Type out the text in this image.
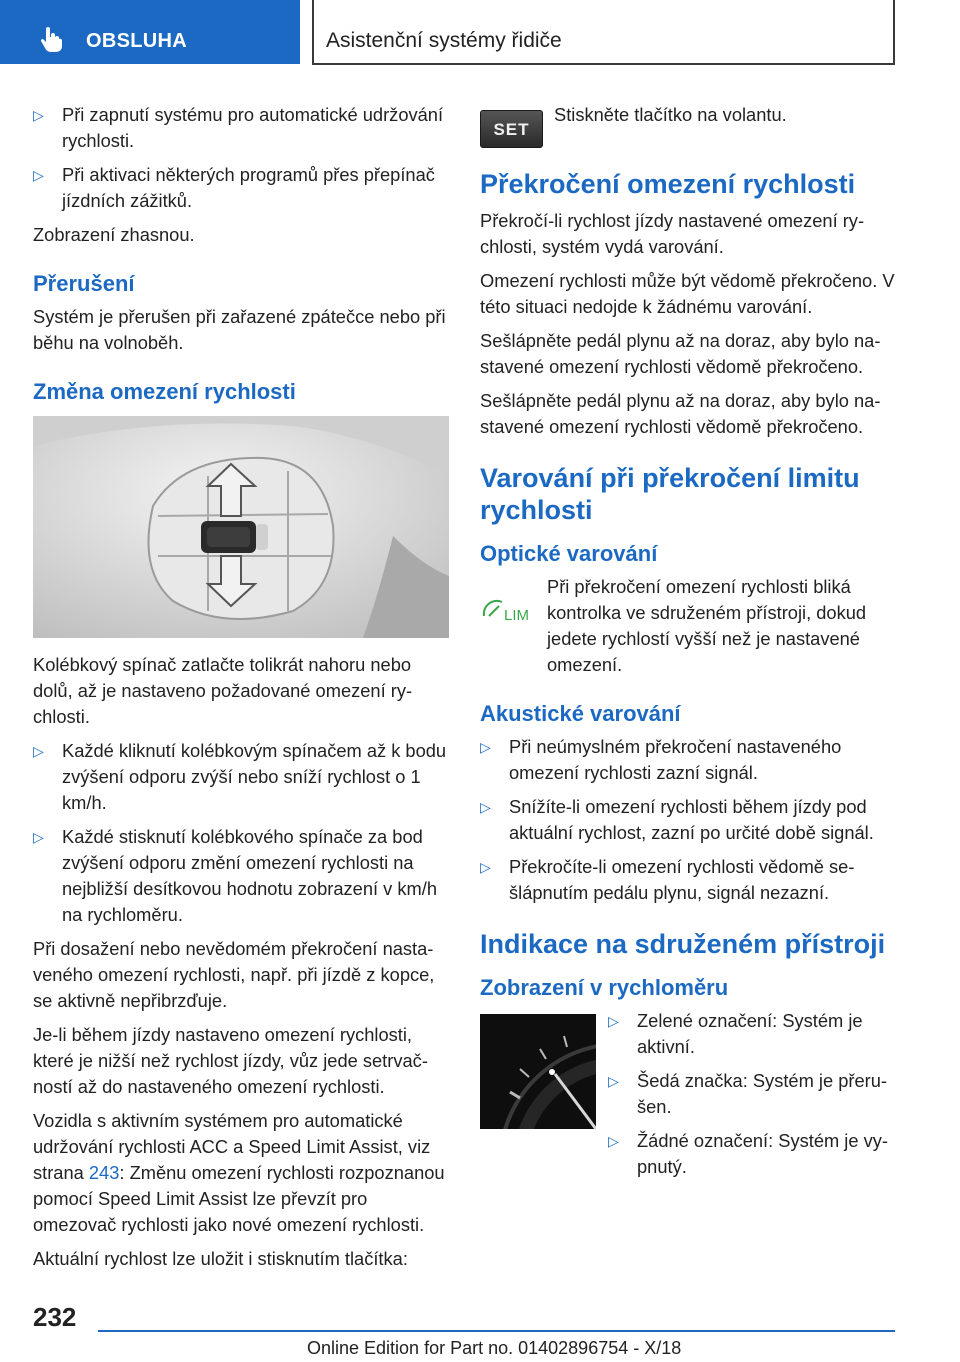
OBSLUHA	Asistenční systémy řidiče
▷ Při zapnutí systému pro automatické udržování rychlosti.
▷ Při aktivaci některých programů přes přepínač jízdních zážitků.

Zobrazení zhasnou.

Přerušení

Systém je přerušen při zařazené zpátečce nebo při běhu na volnoběh.

Změna omezení rychlosti

Kolébkový spínač zatlačte tolikrát nahoru nebo dolů, až je nastaveno požadované omezení rychlosti.

▷ Každé kliknutí kolébkovým spínačem až k bodu zvýšení odporu zvýší nebo sníží rychlost o 1 km/h.
▷ Každé stisknutí kolébkového spínače za bod zvýšení odporu změní omezení rychlosti na nejbližší desítkovou hodnotu zobrazení v km/h na rychloměru.

Při dosažení nebo nevědomém překročení nastaveného omezení rychlosti, např. při jízdě z kopce, se aktivně nepřibrzďuje.

Je-li během jízdy nastaveno omezení rychlosti, které je nižší než rychlost jízdy, vůz jede setrvačností až do nastaveného omezení rychlosti.

Vozidla s aktivním systémem pro automatické udržování rychlosti ACC a Speed Limit Assist, viz strana 243: Změnu omezení rychlosti rozpoznanou pomocí Speed Limit Assist lze převzít pro omezovač rychlosti jako nové omezení rychlosti.

Aktuální rychlost lze uložit i stisknutím tlačítka:

SET
Stiskněte tlačítko na volantu.
Překročení omezení rychlosti

Překročí-li rychlost jízdy nastavené omezení rychlosti, systém vydá varování.

Omezení rychlosti může být vědomě překročeno. V této situaci nedojde k žádnému varování.

Sešlápněte pedál plynu až na doraz, aby bylo nastavené omezení rychlosti vědomě překročeno.

Sešlápněte pedál plynu až na doraz, aby bylo nastavené omezení rychlosti vědomě překročeno.

Varování při překročení limitu rychlosti
Optické varování
LIM
Při překročení omezení rychlosti bliká kontrolka ve sdruženém přístroji, dokud jedete rychlostí vyšší než je nastavené omezení.
Akustické varování
▷ Při neúmyslném překročení nastaveného omezení rychlosti zazní signál.
▷ Snížíte-li omezení rychlosti během jízdy pod aktuální rychlost, zazní po určité době signál.
▷ Překročíte-li omezení rychlosti vědomě sešlápnutím pedálu plynu, signál nezazní.
Indikace na sdruženém přístroji
Zobrazení v rychloměru
▷ Zelené označení: Systém je aktivní.
▷ Šedá značka: Systém je přerušen.
▷ Žádné označení: Systém je vypnutý.
232
Online Edition for Part no. 01402896754 - X/18
